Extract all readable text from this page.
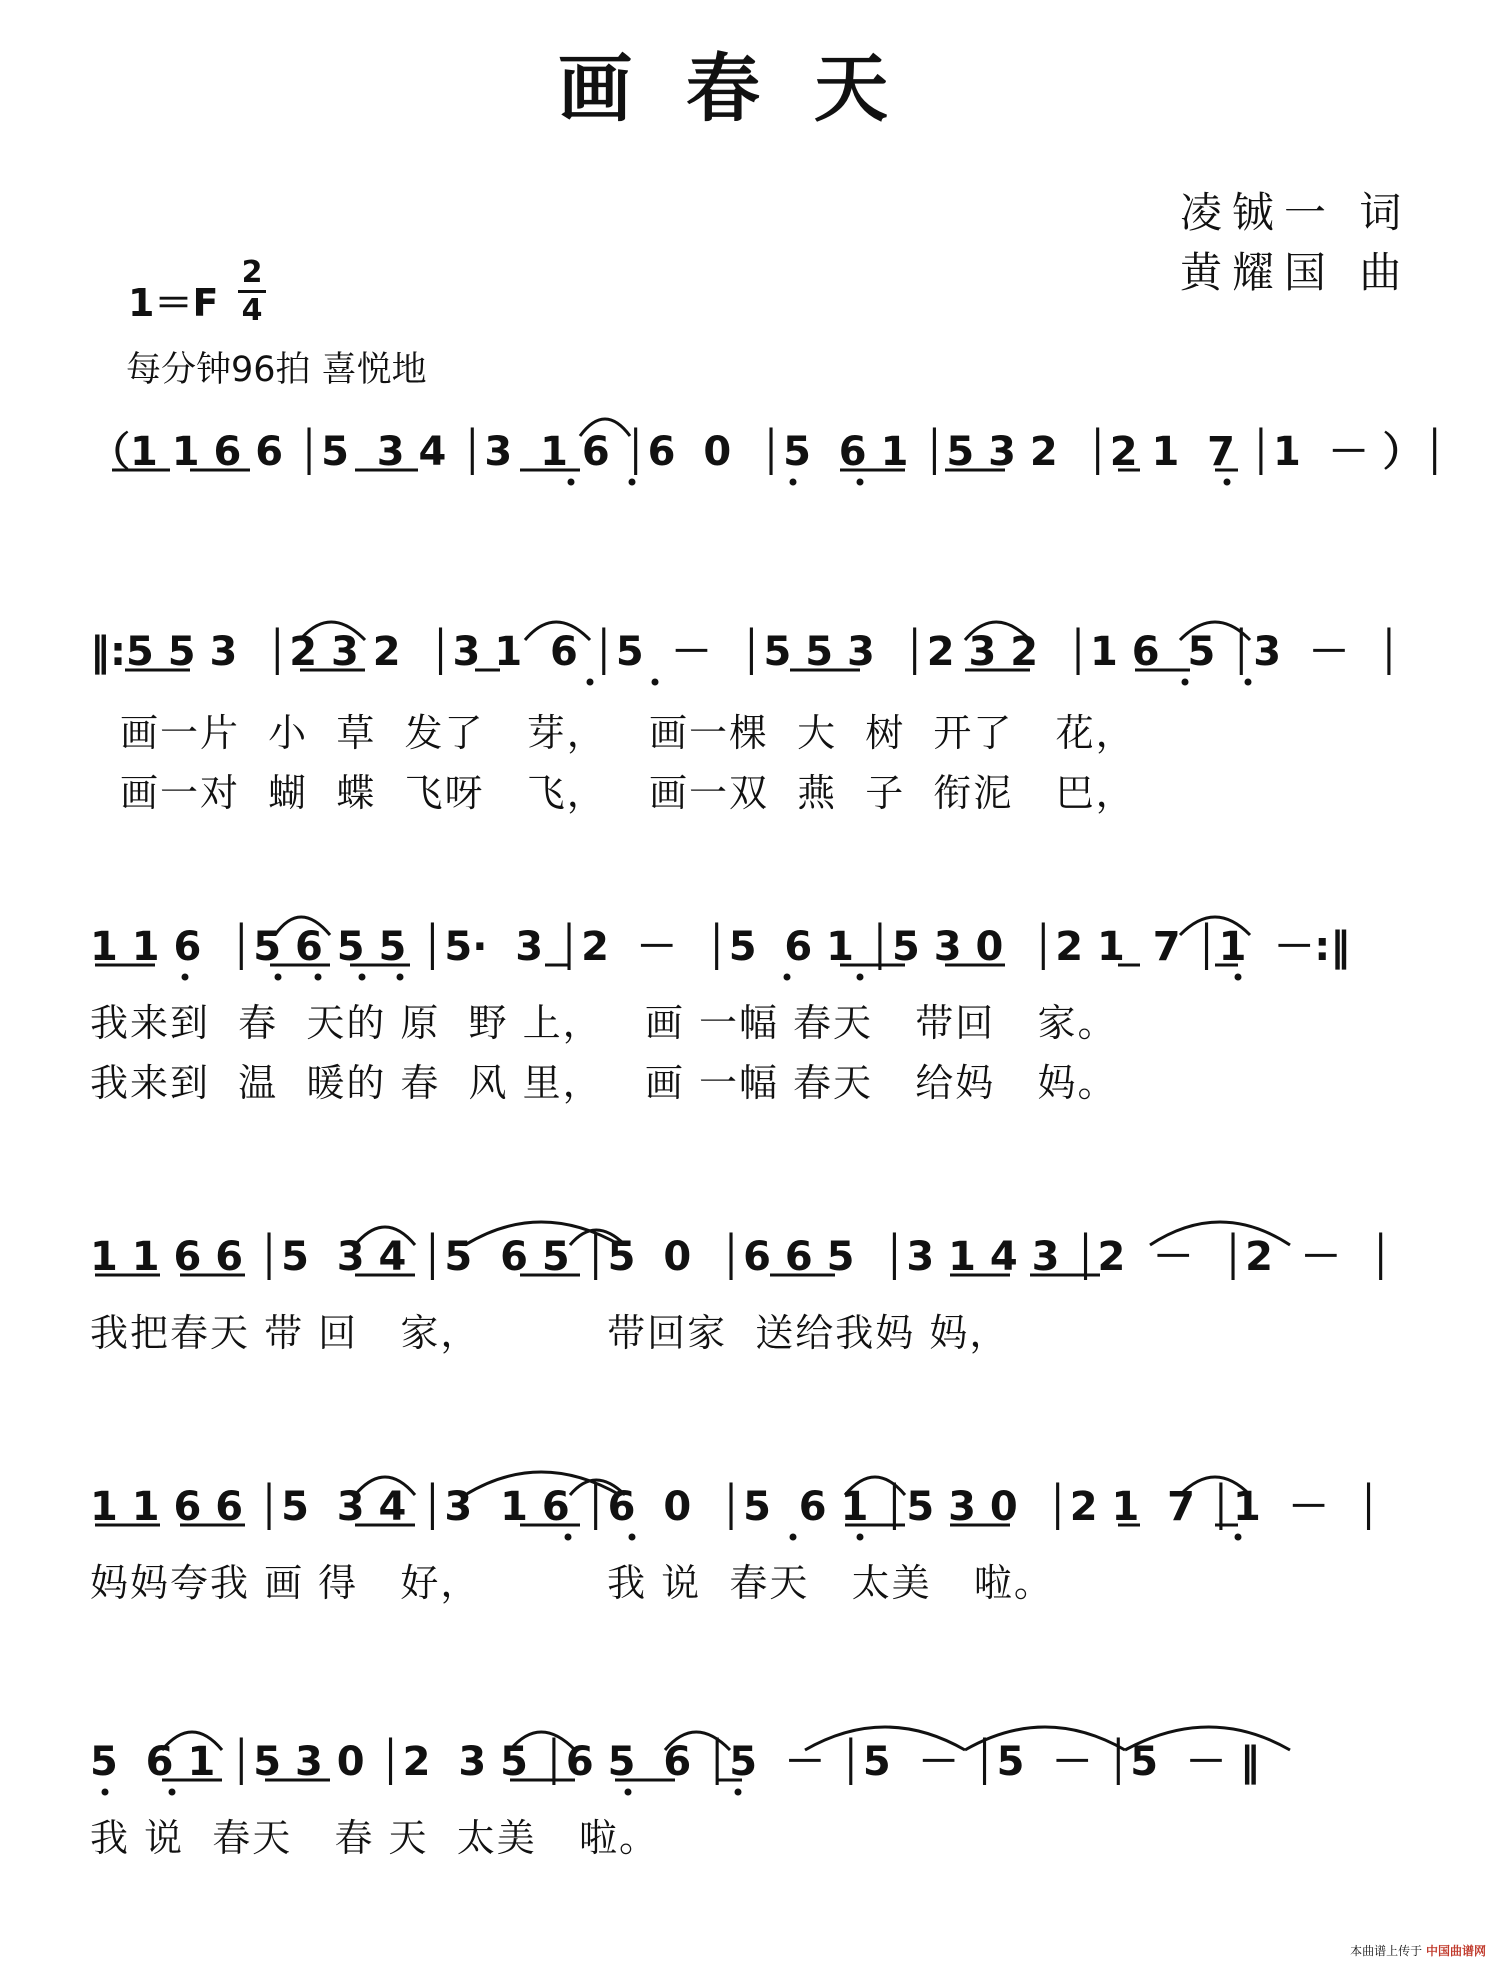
画春天
凌铖一 词
黄耀国 曲
1＝F
2
4
每分钟96拍 喜悦地
（1 1 6 6 │5  3 4 │3  1 6 │6  0  │5  6 1 │5 3 2  │2 1  7 │1  － ）│
‖:5 5 3  │2 3 2  │3 1  6 │5  －  │5 5 3  │2 3 2  │1 6  5 │3  －  │
画一片  小  草  发了   芽，   画一棵  大  树  开了   花，
画一对  蝴  蝶  飞呀   飞，   画一双  燕  子  衔泥   巴，
1 1 6  │5 6 5 5 │5·  3 │2  －  │5  6 1 │5 3 0  │2 1  7 │1  －:‖
我来到  春  天的 原  野 上，   画 一幅 春天   带回   家。
我来到  温  暖的 春  风 里，   画 一幅 春天   给妈   妈。
1 1 6 6 │5  3 4 │5  6 5 │5  0  │6 6 5  │3 1 4 3 │2  －  │2  －  │
我把春天 带 回   家，         带回家  送给我妈 妈，
1 1 6 6 │5  3 4 │3  1 6 │6  0  │5  6 1 │5 3 0  │2 1  7 │1  －  │
妈妈夸我 画 得   好，         我 说  春天   太美   啦。
5  6 1 │5 3 0 │2  3 5 │6 5  6 │5  － │5  － │5  － │5  － ‖
我 说  春天   春 天  太美   啦。
本曲谱上传于 中国曲谱网
